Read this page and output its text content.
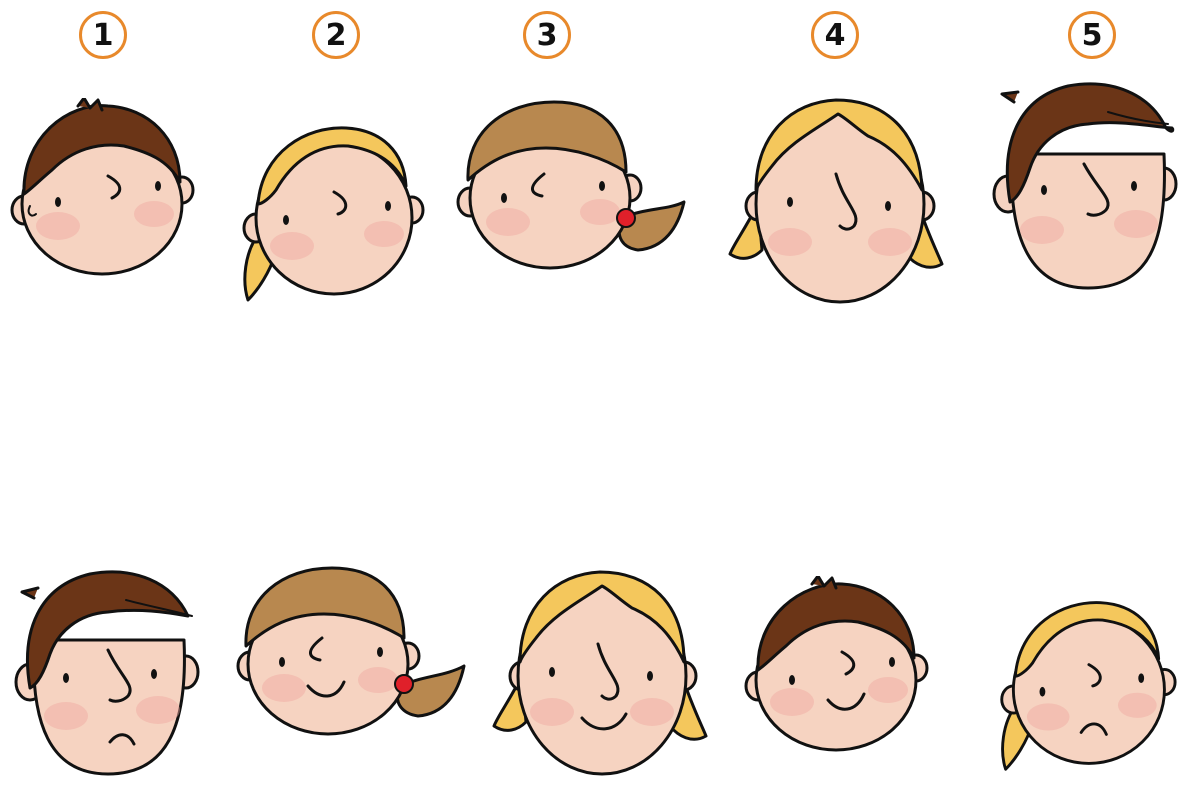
1	2	3	4	5
